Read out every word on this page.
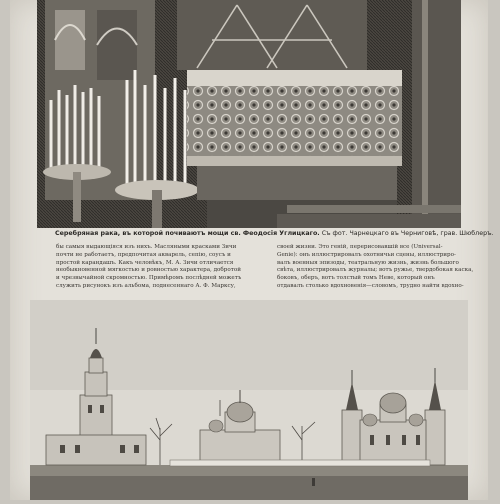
Серебряная рака, въ которой почиваютъ мощи св. Феодосія Углицкаго. Съ фот. Чарнецкаго въ Черниговѣ, грав. Шюблеръ.

бы самыя выдающіяся изъ нихъ. Масляными красками Зичи

почти не работаетъ, предпочитая акварель, сепію, соусъ и

простой карандашъ. Какъ человѣкъ, М. А. Зичи отличается

необыкновенной мягкостью и ровностью характера, добротой

и чрезвычайной скромностью. Примѣромъ послѣдней можетъ

служить рисунокъ изъ альбома, поднесеннаго А. Ф. Марксу,

своей жизни. Это геній, перерисовавшій все (Universal-

Genie): онъ иллюстрировалъ охотничьи сцены, иллюстриро-

валъ военныя эпизоды, театральную жизнь, жизнь большого

свѣта, иллюстрировалъ журналы; вотъ ружье, твердобокая каска,

боковъ, оберъ, вотъ толстый томъ Неве, который онъ

отдавалъ столько вдохновенія—словомъ, трудно найти вдохно-
